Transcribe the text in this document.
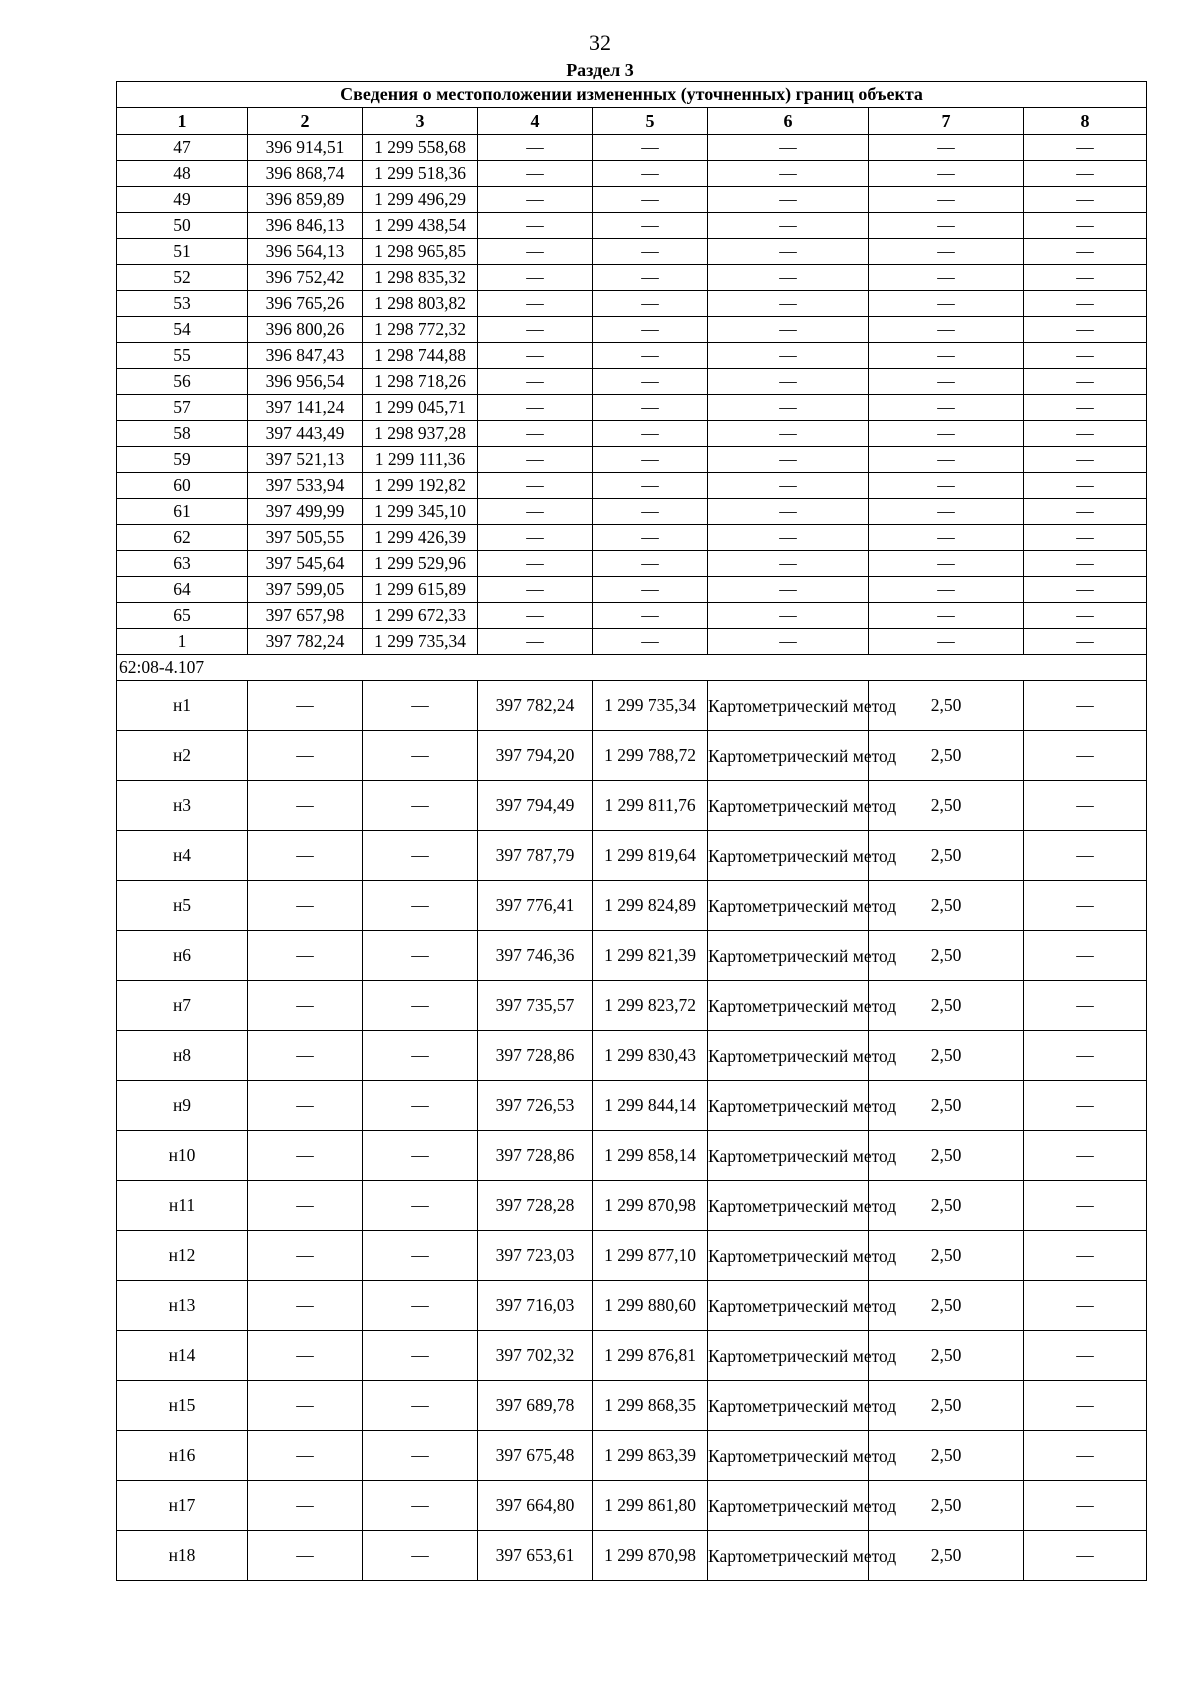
32
Раздел 3
Сведения о местоположении измененных (уточненных) границ объекта							
1	2	3	4	5	6	7	8
47	396 914,51	1 299 558,68	—	—	—	—	—
48	396 868,74	1 299 518,36	—	—	—	—	—
49	396 859,89	1 299 496,29	—	—	—	—	—
50	396 846,13	1 299 438,54	—	—	—	—	—
51	396 564,13	1 298 965,85	—	—	—	—	—
52	396 752,42	1 298 835,32	—	—	—	—	—
53	396 765,26	1 298 803,82	—	—	—	—	—
54	396 800,26	1 298 772,32	—	—	—	—	—
55	396 847,43	1 298 744,88	—	—	—	—	—
56	396 956,54	1 298 718,26	—	—	—	—	—
57	397 141,24	1 299 045,71	—	—	—	—	—
58	397 443,49	1 298 937,28	—	—	—	—	—
59	397 521,13	1 299 111,36	—	—	—	—	—
60	397 533,94	1 299 192,82	—	—	—	—	—
61	397 499,99	1 299 345,10	—	—	—	—	—
62	397 505,55	1 299 426,39	—	—	—	—	—
63	397 545,64	1 299 529,96	—	—	—	—	—
64	397 599,05	1 299 615,89	—	—	—	—	—
65	397 657,98	1 299 672,33	—	—	—	—	—
1	397 782,24	1 299 735,34	—	—	—	—	—
62:08-4.107							
н1	—	—	397 782,24	1 299 735,34	Картометрический метод	2,50	—
н2	—	—	397 794,20	1 299 788,72	Картометрический метод	2,50	—
н3	—	—	397 794,49	1 299 811,76	Картометрический метод	2,50	—
н4	—	—	397 787,79	1 299 819,64	Картометрический метод	2,50	—
н5	—	—	397 776,41	1 299 824,89	Картометрический метод	2,50	—
н6	—	—	397 746,36	1 299 821,39	Картометрический метод	2,50	—
н7	—	—	397 735,57	1 299 823,72	Картометрический метод	2,50	—
н8	—	—	397 728,86	1 299 830,43	Картометрический метод	2,50	—
н9	—	—	397 726,53	1 299 844,14	Картометрический метод	2,50	—
н10	—	—	397 728,86	1 299 858,14	Картометрический метод	2,50	—
н11	—	—	397 728,28	1 299 870,98	Картометрический метод	2,50	—
н12	—	—	397 723,03	1 299 877,10	Картометрический метод	2,50	—
н13	—	—	397 716,03	1 299 880,60	Картометрический метод	2,50	—
н14	—	—	397 702,32	1 299 876,81	Картометрический метод	2,50	—
н15	—	—	397 689,78	1 299 868,35	Картометрический метод	2,50	—
н16	—	—	397 675,48	1 299 863,39	Картометрический метод	2,50	—
н17	—	—	397 664,80	1 299 861,80	Картометрический метод	2,50	—
н18	—	—	397 653,61	1 299 870,98	Картометрический метод	2,50	—
